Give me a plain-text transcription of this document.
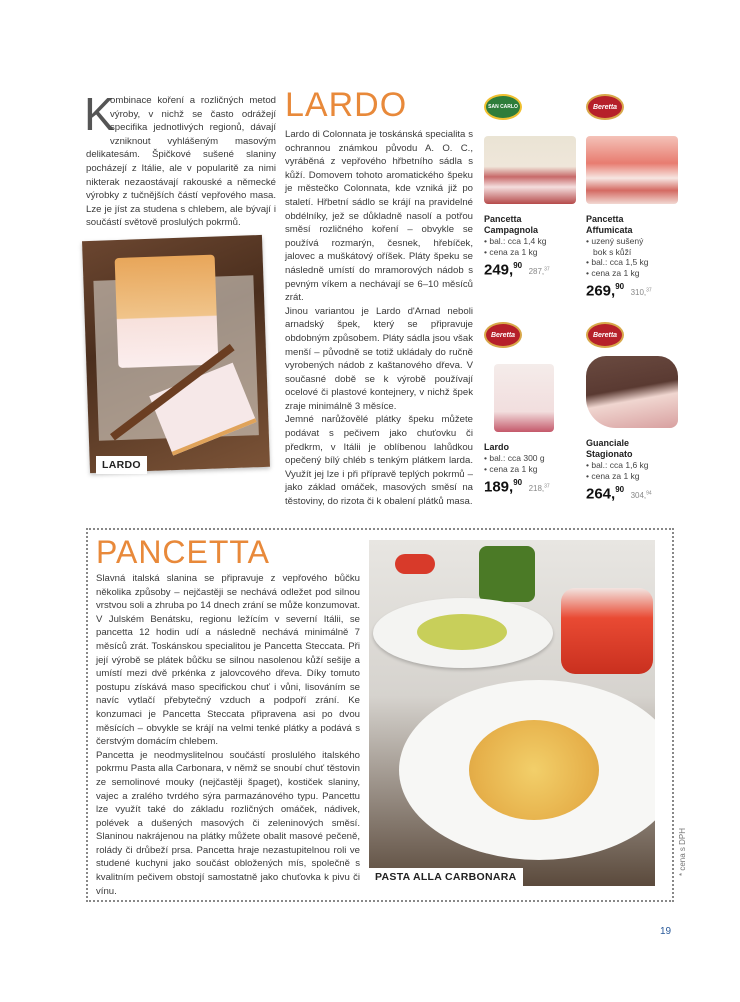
K
ombinace koření a rozličných metod výroby, v nichž se často odrážejí specifika jednotlivých regionů, dávají vzniknout vyhlášeným masovým delikatesám. Špičkové sušené slaniny pocházejí z Itálie, ale v popularitě za nimi nikterak nezaostávají rakouské a německé výrobky z tučnějších částí vepřového masa. Lze je jíst za studena s chlebem, ale bývají i součástí světově proslulých pokrmů.
LARDO
LARDO
Lardo di Colonnata je toskánská specialita s ochrannou známkou původu A. O. C., vyráběná z vepřového hřbetního sádla s kůží. Domovem tohoto aromatického špeku je městečko Colonnata, kde vzniká již po staletí. Hřbetní sádlo se krájí na pravidelné obdélníky, jež se důkladně nasolí a potřou směsí rozličného koření – obvykle se používá rozmarýn, česnek, hřebíček, jalovec a muškátový oříšek. Pláty špeku se následně umístí do mramorových nádob s pevným víkem a nechávají se 6–10 měsíců zrát.
Jinou variantou je Lardo d'Arnad neboli arnadský špek, který se připravuje obdobným způsobem. Pláty sádla jsou však menší – původně se totiž ukládaly do ručně vyrobených nádob z kaštanového dřeva. V současné době se k výrobě používají ocelové či plastové kontejnery, v nichž špek zraje minimálně 3 měsíce.
Jemné narůžovělé plátky špeku můžete podávat s pečivem jako chuťovku či předkrm, v Itálii je oblíbenou lahůdkou opečený bílý chléb s tenkým plátkem larda. Využít jej lze i při přípravě teplých pokrmů – jako základ omáček, masových směsí na těstoviny, do rizota či k obalení plátků masa.
SAN CARLO
Pancetta
Campagnola
• bal.: cca 1,4 kg
• cena za 1 kg
249,90 287,37
Beretta
Pancetta
Affumicata
• uzený sušený
bok s kůží
• bal.: cca 1,5 kg
• cena za 1 kg
269,90 310,37
Beretta
Lardo
• bal.: cca 300 g
• cena za 1 kg
189,90 218,37
Beretta
Guanciale
Stagionato
• bal.: cca 1,6 kg
• cena za 1 kg
264,90 304,94
PANCETTA
Slavná italská slanina se připravuje z vepřového bůčku několika způsoby – nejčastěji se nechává odležet pod silnou vrstvou soli a zhruba po 14 dnech zrání se může konzumovat. V Julském Benátsku, regionu ležícím v severní Itálii, se pancetta 12 hodin udí a následně nechává minimálně 7 měsíců zrát. Toskánskou specialitou je Pancetta Steccata. Při její výrobě se plátek bůčku se silnou nasolenou kůží sešije a umístí mezi dvě prkénka z jalovcového dřeva. Díky tomuto postupu získává maso specifickou chuť i vůni, lisováním se navíc vytlačí přebytečný vzduch a podpoří zrání. Ke konzumaci je Pancetta Steccata připravena asi po dvou měsících – obvykle se krájí na velmi tenké plátky a podává s čerstvým domácím chlebem.
Pancetta je neodmyslitelnou součástí proslulého italského pokrmu Pasta alla Carbonara, v němž se snoubí chuť těstovin ze semolinové mouky (nejčastěji špaget), kostiček slaniny, vajec a zralého tvrdého sýra parmazánového typu. Pancettu lze využít také do základu rozličných omáček, nádivek, polévek a dušených masových či zeleninových směsí. Slaninou nakrájenou na plátky můžete obalit masové pečeně, rolády či drůbeží prsa. Pancetta hraje nezastupitelnou roli ve studené kuchyni jako součást obložených mís, společně s kvalitním pečivem obstojí samostatně jako chuťovka k pivu či vínu.
PASTA ALLA CARBONARA
* cena s DPH
19
